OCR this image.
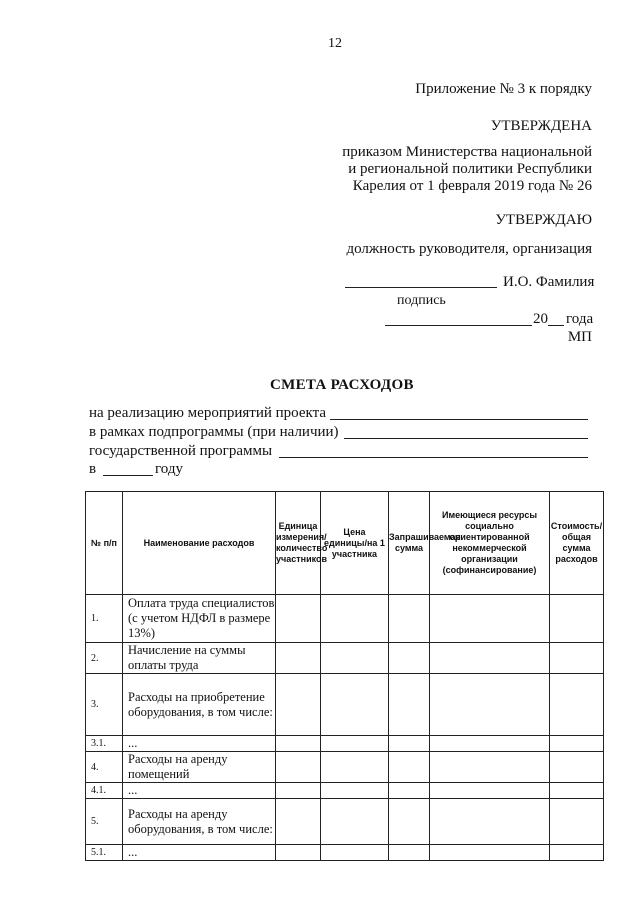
12
Приложение № 3 к порядку
УТВЕРЖДЕНА
приказом Министерства национальной
и региональной политики Республики
Карелия от 1 февраля 2019 года № 26
УТВЕРЖДАЮ
должность руководителя, организация
И.О. Фамилия
подпись
20 года
МП
СМЕТА РАСХОДОВ
на реализацию мероприятий проекта
в рамках подпрограммы (при наличии)
государственной программы
в	году
№ п/п	Наименование расходов	Единица измерения/количество участников	Цена единицы/на 1 участника	Запрашиваемая сумма	Имеющиеся ресурсы социально ориентированной некоммерческой организации (софинансирование)	Стоимость/общая сумма расходов
1.	Оплата труда специалистов (с учетом НДФЛ в размере 13%)					
2.	Начисление на суммы оплаты труда					
3.	Расходы на приобретение оборудования, в том числе:					
3.1.	...					
4.	Расходы на аренду помещений					
4.1.	...					
5.	Расходы на аренду оборудования, в том числе:					
5.1.	...					
